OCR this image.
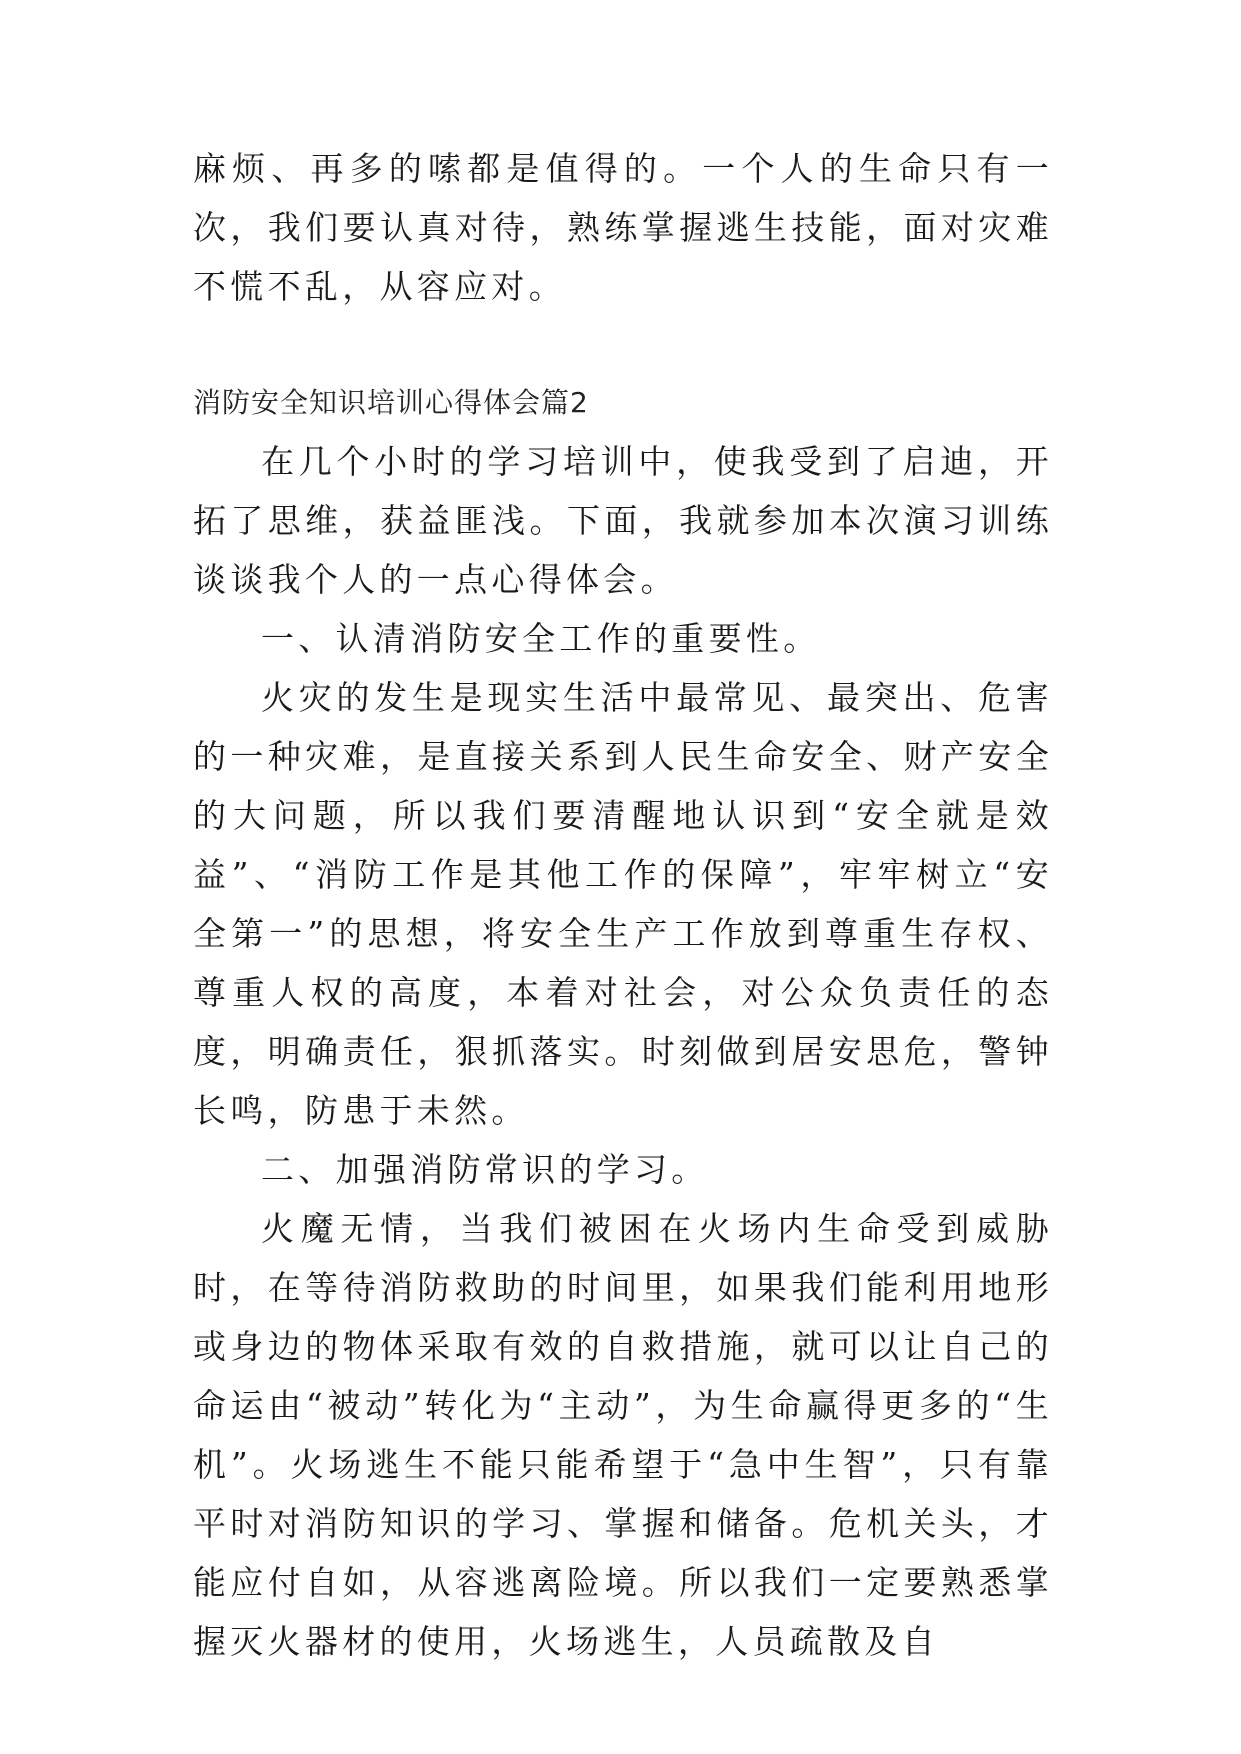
麻烦、再多的嗦都是值得的。一个人的生命只有一次，我们要认真对待，熟练掌握逃生技能，面对灾难不慌不乱，从容应对。

消防安全知识培训心得体会篇2

在几个小时的学习培训中，使我受到了启迪，开拓了思维，获益匪浅。下面，我就参加本次演习训练谈谈我个人的一点心得体会。

一、认清消防安全工作的重要性。

火灾的发生是现实生活中最常见、最突出、危害的一种灾难，是直接关系到人民生命安全、财产安全的大问题，所以我们要清醒地认识到“安全就是效益”、“消防工作是其他工作的保障”，牢牢树立“安全第一”的思想，将安全生产工作放到尊重生存权、尊重人权的高度，本着对社会，对公众负责任的态度，明确责任，狠抓落实。时刻做到居安思危，警钟长鸣，防患于未然。

二、加强消防常识的学习。

火魔无情，当我们被困在火场内生命受到威胁时，在等待消防救助的时间里，如果我们能利用地形或身边的物体采取有效的自救措施，就可以让自己的命运由“被动”转化为“主动”，为生命赢得更多的“生机”。火场逃生不能只能希望于“急中生智”，只有靠平时对消防知识的学习、掌握和储备。危机关头，才能应付自如，从容逃离险境。所以我们一定要熟悉掌握灭火器材的使用，火场逃生，人员疏散及自
